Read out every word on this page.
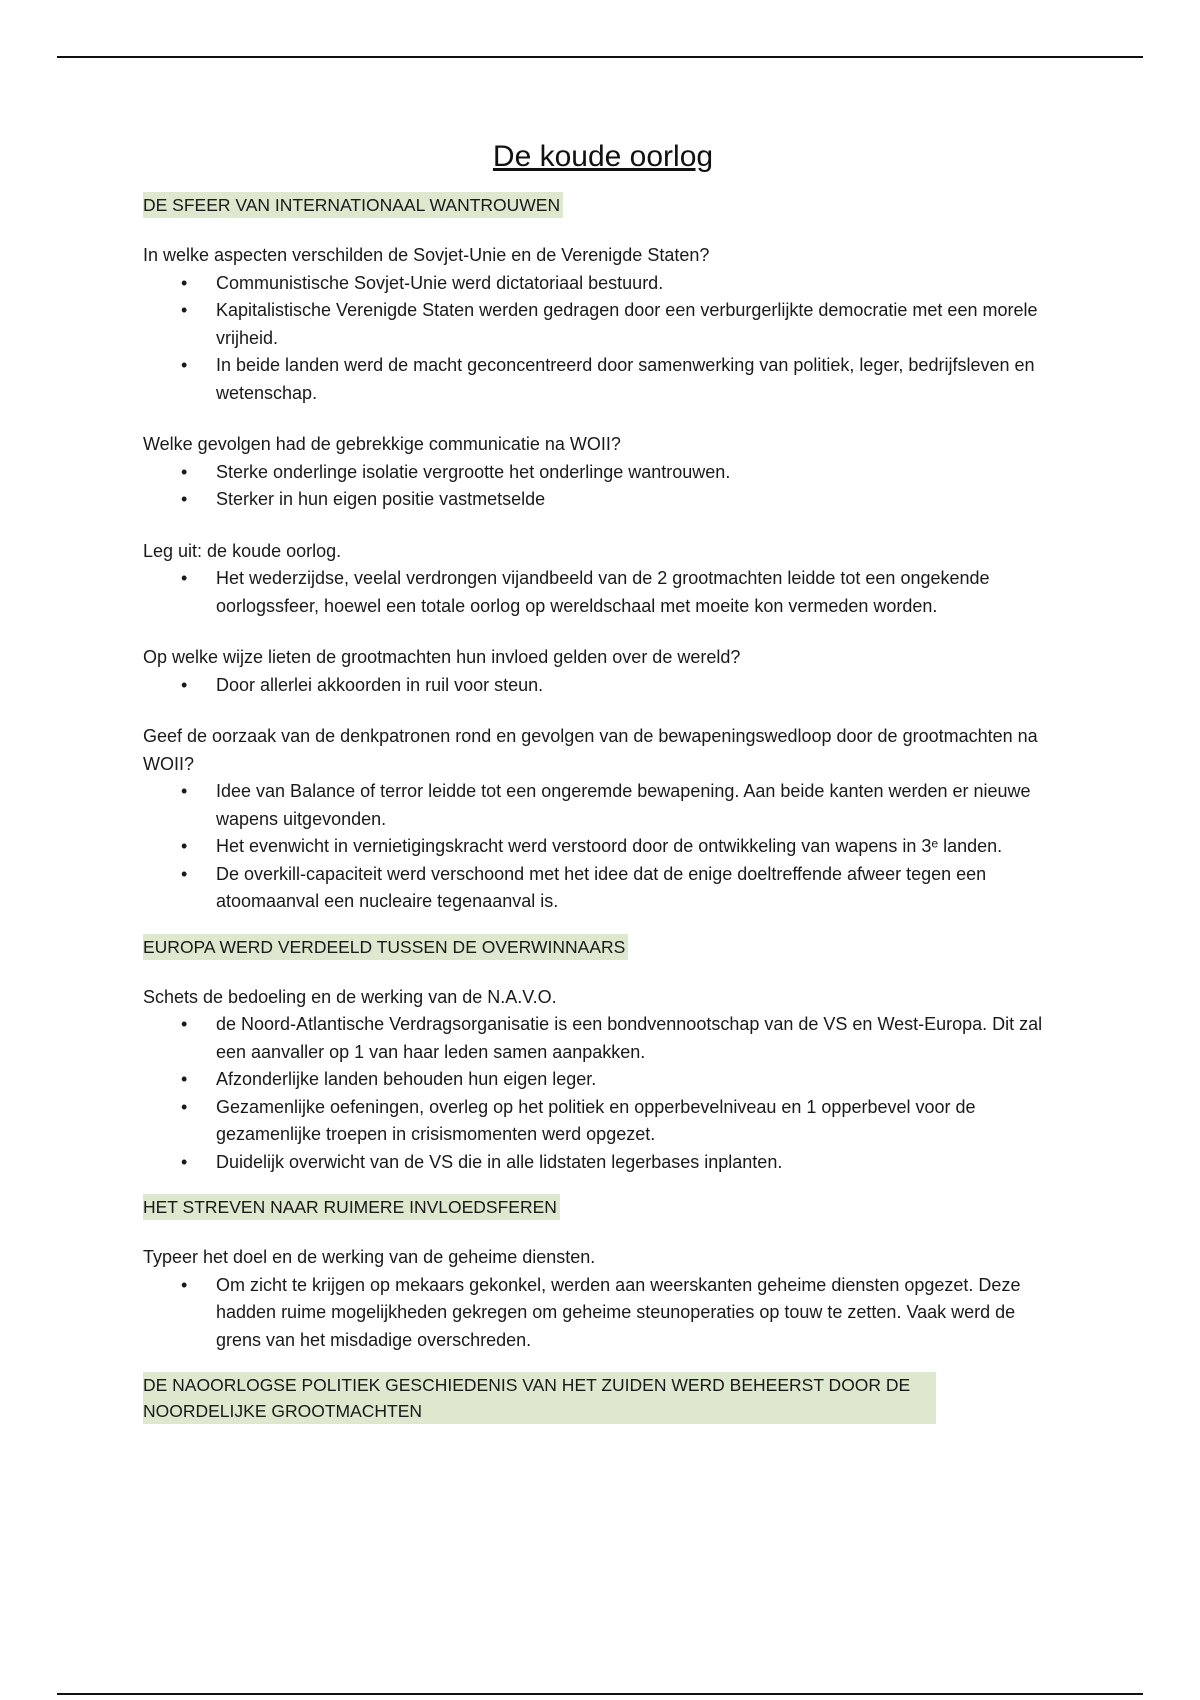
De koude oorlog
DE SFEER VAN INTERNATIONAAL WANTROUWEN

In welke aspecten verschilden de Sovjet-Unie en de Verenigde Staten?

• Communistische Sovjet-Unie werd dictatoriaal bestuurd.
• Kapitalistische Verenigde Staten werden gedragen door een verburgerlijkte democratie met een morele vrijheid.
• In beide landen werd de macht geconcentreerd door samenwerking van politiek, leger, bedrijfsleven en wetenschap.

Welke gevolgen had de gebrekkige communicatie na WOII?

• Sterke onderlinge isolatie vergrootte het onderlinge wantrouwen.
• Sterker in hun eigen positie vastmetselde

Leg uit: de koude oorlog.

• Het wederzijdse, veelal verdrongen vijandbeeld van de 2 grootmachten leidde tot een ongekende oorlogssfeer, hoewel een totale oorlog op wereldschaal met moeite kon vermeden worden.

Op welke wijze lieten de grootmachten hun invloed gelden over de wereld?

• Door allerlei akkoorden in ruil voor steun.

Geef de oorzaak van de denkpatronen rond en gevolgen van de bewapeningswedloop door de grootmachten na WOII?

• Idee van Balance of terror leidde tot een ongeremde bewapening. Aan beide kanten werden er nieuwe wapens uitgevonden.
• Het evenwicht in vernietigingskracht werd verstoord door de ontwikkeling van wapens in 3ᵉ landen.
• De overkill-capaciteit werd verschoond met het idee dat de enige doeltreffende afweer tegen een atoomaanval een nucleaire tegenaanval is.
EUROPA WERD VERDEELD TUSSEN DE OVERWINNAARS

Schets de bedoeling en de werking van de N.A.V.O.

• de Noord-Atlantische Verdragsorganisatie is een bondvennootschap van de VS en West-Europa. Dit zal een aanvaller op 1 van haar leden samen aanpakken.
• Afzonderlijke landen behouden hun eigen leger.
• Gezamenlijke oefeningen, overleg op het politiek en opperbevelniveau en 1 opperbevel voor de gezamenlijke troepen in crisismomenten werd opgezet.
• Duidelijk overwicht van de VS die in alle lidstaten legerbases inplanten.
HET STREVEN NAAR RUIMERE INVLOEDSFEREN

Typeer het doel en de werking van de geheime diensten.

• Om zicht te krijgen op mekaars gekonkel, werden aan weerskanten geheime diensten opgezet. Deze hadden ruime mogelijkheden gekregen om geheime steunoperaties op touw te zetten. Vaak werd de grens van het misdadige overschreden.
DE NAOORLOGSE POLITIEK GESCHIEDENIS VAN HET ZUIDEN WERD BEHEERST DOOR DE NOORDELIJKE GROOTMACHTEN
